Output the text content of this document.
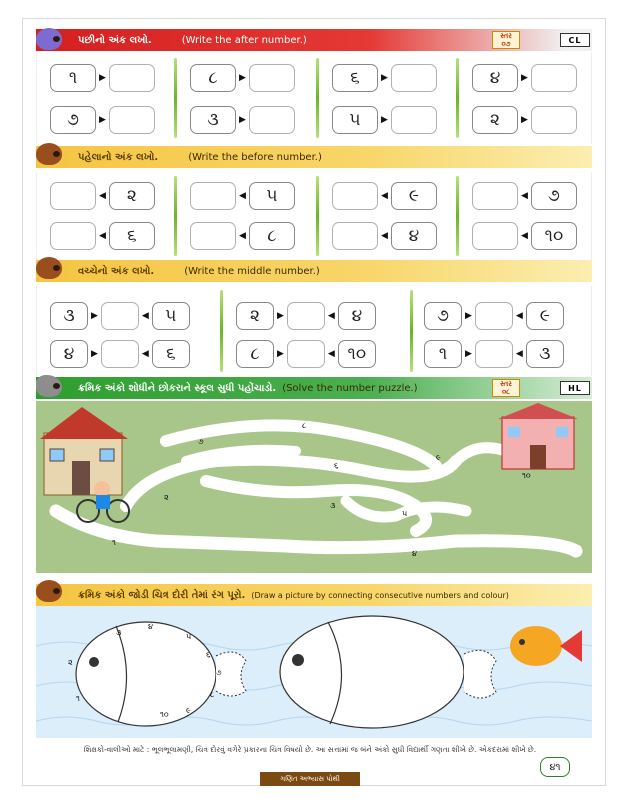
પછીનો અંક લખો.	(Write the after number.)	સ્તર
૦૭	CL
૧	▶	૮	▶	૬	▶	૪	▶
૭	▶	૩	▶	૫	▶	૨	▶
પહેલાનો અંક લખો.	(Write the before number.)
◀	૨	◀	૫	◀	૯	◀	૭
◀	૬	◀	૮	◀	૪	◀ ૧૦
વચ્ચેનો અંક લખો.	(Write the middle number.)
૩	▶	◀ ૫	૨	▶	◀ ૪	૭	▶	◀ ૯
૪	▶	◀	૬	૮	▶	◀ ૧૦	૧	▶	◀ ૩
ક્રમિક અંકો શોધીને છોકરાને સ્કૂલ સુધી પહોંચાડો. (Solve the number puzzle.)	સ્તર
૦૮	HL
૧
૨
૩
૪
૫
૬
૭
૮
૯
૧૦
ક્રમિક અંકો જોડી ચિત્ર દોરી તેમાં રંગ પૂરો. (Draw a picture by connecting consecutive numbers and colour)
૧
૨
૩
૪
૫
૬
૭
૮
૯
૧૦
શિક્ષકો-વાલીઓ માટે : ભૂલભૂલામણી, ચિત્ર દોરવું વગેરે પ્રકારના ચિત્ર વિષયો છે. આ સત્તામાં જ બંને અંકો સુધી વિદ્યાર્થી ગણતા શીખે છે. એકંદરામાં શીખે છે.
૪૧
ગણિત અભ્યાસ પોથી
